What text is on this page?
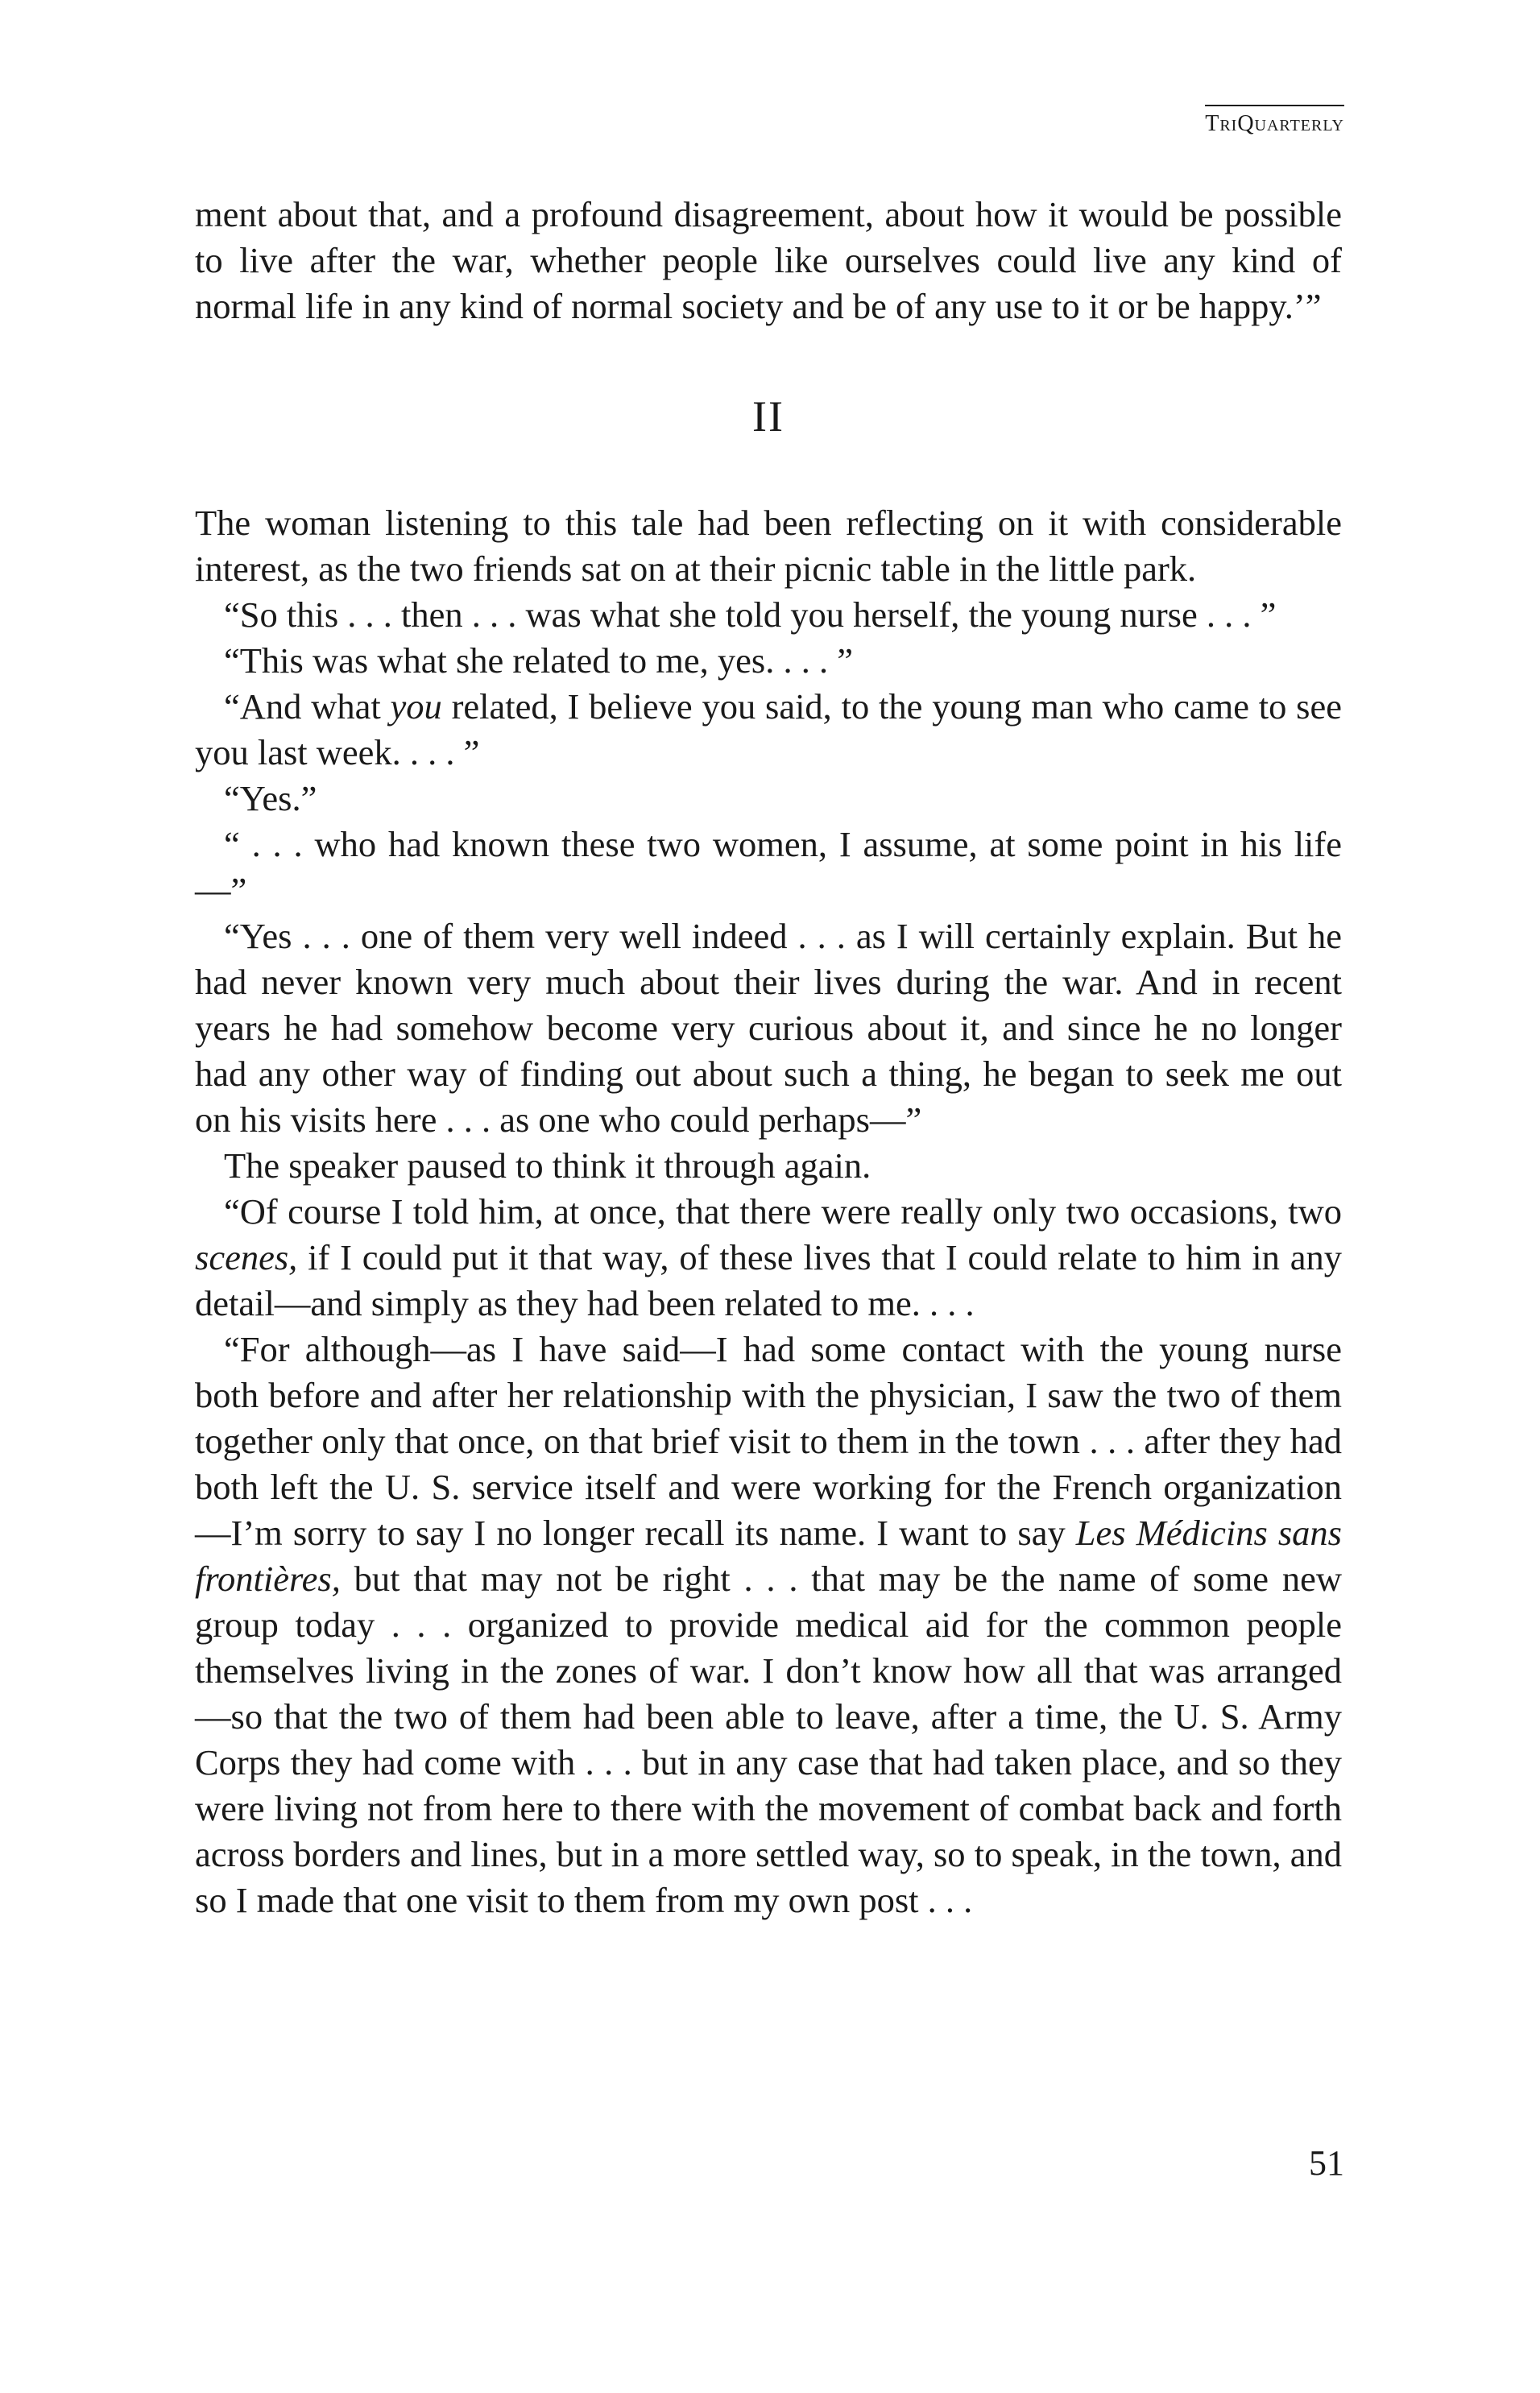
TriQuarterly

ment about that, and a profound disagreement, about how it would be possible to live after the war, whether people like ourselves could live any kind of normal life in any kind of normal society and be of any use to it or be happy.’”

II

The woman listening to this tale had been reflecting on it with considerable interest, as the two friends sat on at their picnic table in the little park.

“So this . . . then . . . was what she told you herself, the young nurse . . . ”

“This was what she related to me, yes. . . . ”

“And what you related, I believe you said, to the young man who came to see you last week. . . . ”

“Yes.”

“ . . . who had known these two women, I assume, at some point in his life—”

“Yes . . . one of them very well indeed . . . as I will certainly explain. But he had never known very much about their lives during the war. And in recent years he had somehow become very curious about it, and since he no longer had any other way of finding out about such a thing, he began to seek me out on his visits here . . . as one who could perhaps—”

The speaker paused to think it through again.

“Of course I told him, at once, that there were really only two occasions, two scenes, if I could put it that way, of these lives that I could relate to him in any detail—and simply as they had been related to me. . . .

“For although—as I have said—I had some contact with the young nurse both before and after her relationship with the physician, I saw the two of them together only that once, on that brief visit to them in the town . . . after they had both left the U. S. service itself and were working for the French organization—I’m sorry to say I no longer recall its name. I want to say Les Médicins sans frontières, but that may not be right . . . that may be the name of some new group today . . . organized to provide medical aid for the common people themselves living in the zones of war. I don’t know how all that was arranged—so that the two of them had been able to leave, after a time, the U. S. Army Corps they had come with . . . but in any case that had taken place, and so they were living not from here to there with the movement of combat back and forth across borders and lines, but in a more settled way, so to speak, in the town, and so I made that one visit to them from my own post . . .

51
